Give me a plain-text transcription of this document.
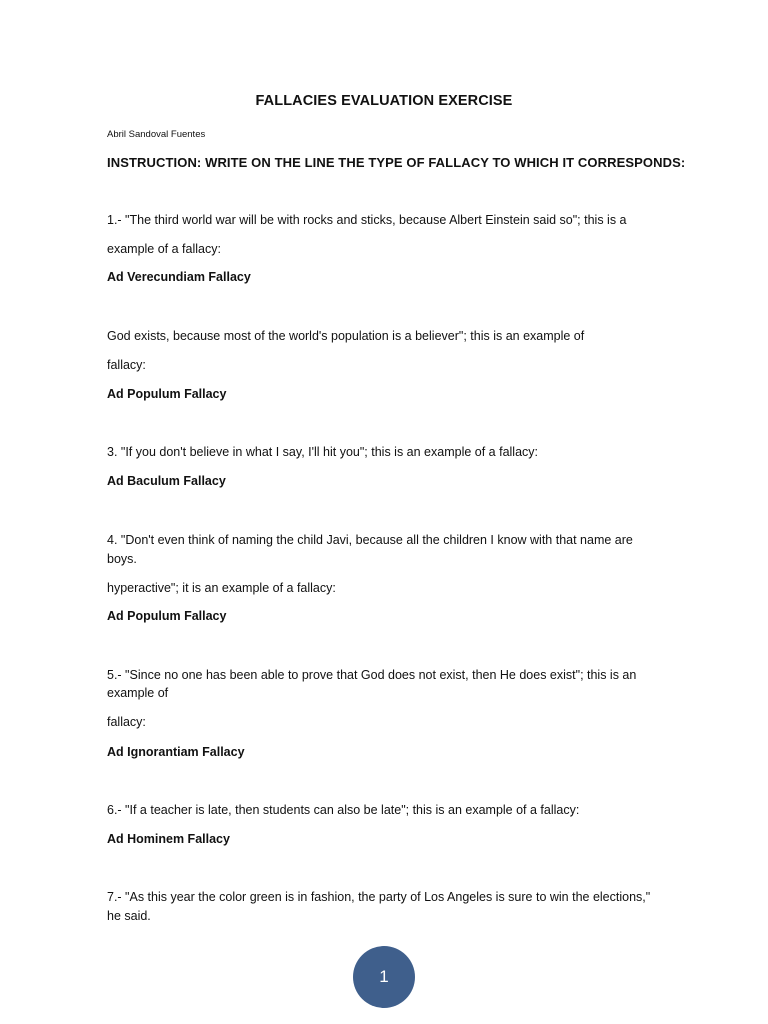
FALLACIES EVALUATION EXERCISE

Abril Sandoval Fuentes

INSTRUCTION: WRITE ON THE LINE THE TYPE OF FALLACY TO WHICH IT CORRESPONDS:

1.- "The third world war will be with rocks and sticks, because Albert Einstein said so"; this is a

example of a fallacy:

Ad Verecundiam Fallacy

God exists, because most of the world's population is a believer"; this is an example of

fallacy:

Ad Populum Fallacy

3. "If you don't believe in what I say, I'll hit you"; this is an example of a fallacy:

Ad Baculum Fallacy

4. "Don't even think of naming the child Javi, because all the children I know with that name are

boys.

hyperactive"; it is an example of a fallacy:

Ad Populum Fallacy

5.- "Since no one has been able to prove that God does not exist, then He does exist"; this is an

example of

fallacy:

Ad Ignorantiam Fallacy

6.- "If a teacher is late, then students can also be late"; this is an example of a fallacy:

Ad Hominem Fallacy

7.- "As this year the color green is in fashion, the party of Los Angeles is sure to win the elections,"

he said.

1
